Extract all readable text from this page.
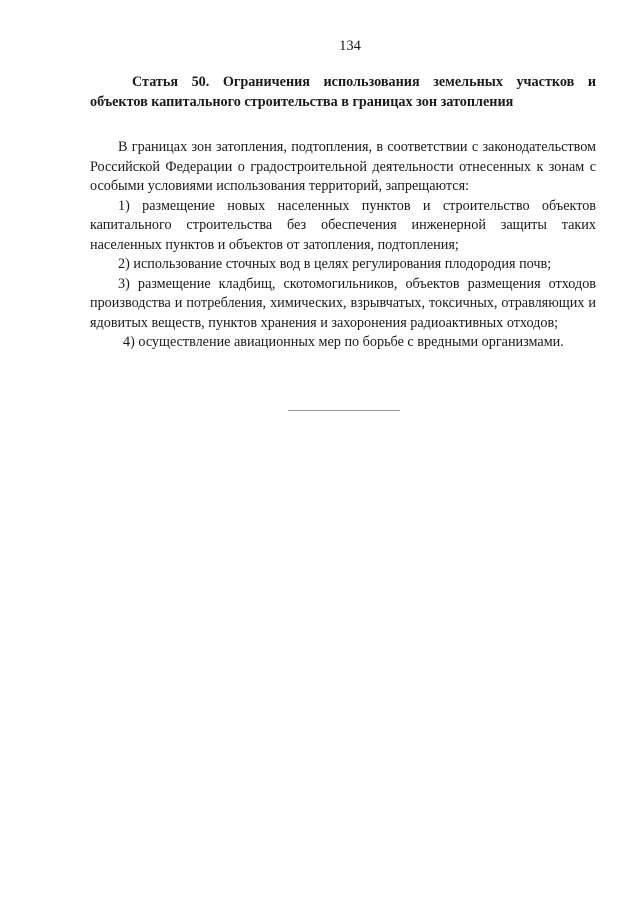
134
Статья 50. Ограничения использования земельных участков и объектов капитального строительства в границах зон затопления

В границах зон затопления, подтопления, в соответствии с законодательством Российской Федерации о градостроительной деятельности отнесенных к зонам с особыми условиями использования территорий, запрещаются:

1) размещение новых населенных пунктов и строительство объектов капитального строительства без обеспечения инженерной защиты таких населенных пунктов и объектов от затопления, подтопления;

2) использование сточных вод в целях регулирования плодородия почв;

3) размещение кладбищ, скотомогильников, объектов размещения отходов производства и потребления, химических, взрывчатых, токсичных, отравляющих и ядовитых веществ, пунктов хранения и захоронения радиоактивных отходов;

4) осуществление авиационных мер по борьбе с вредными организмами.
